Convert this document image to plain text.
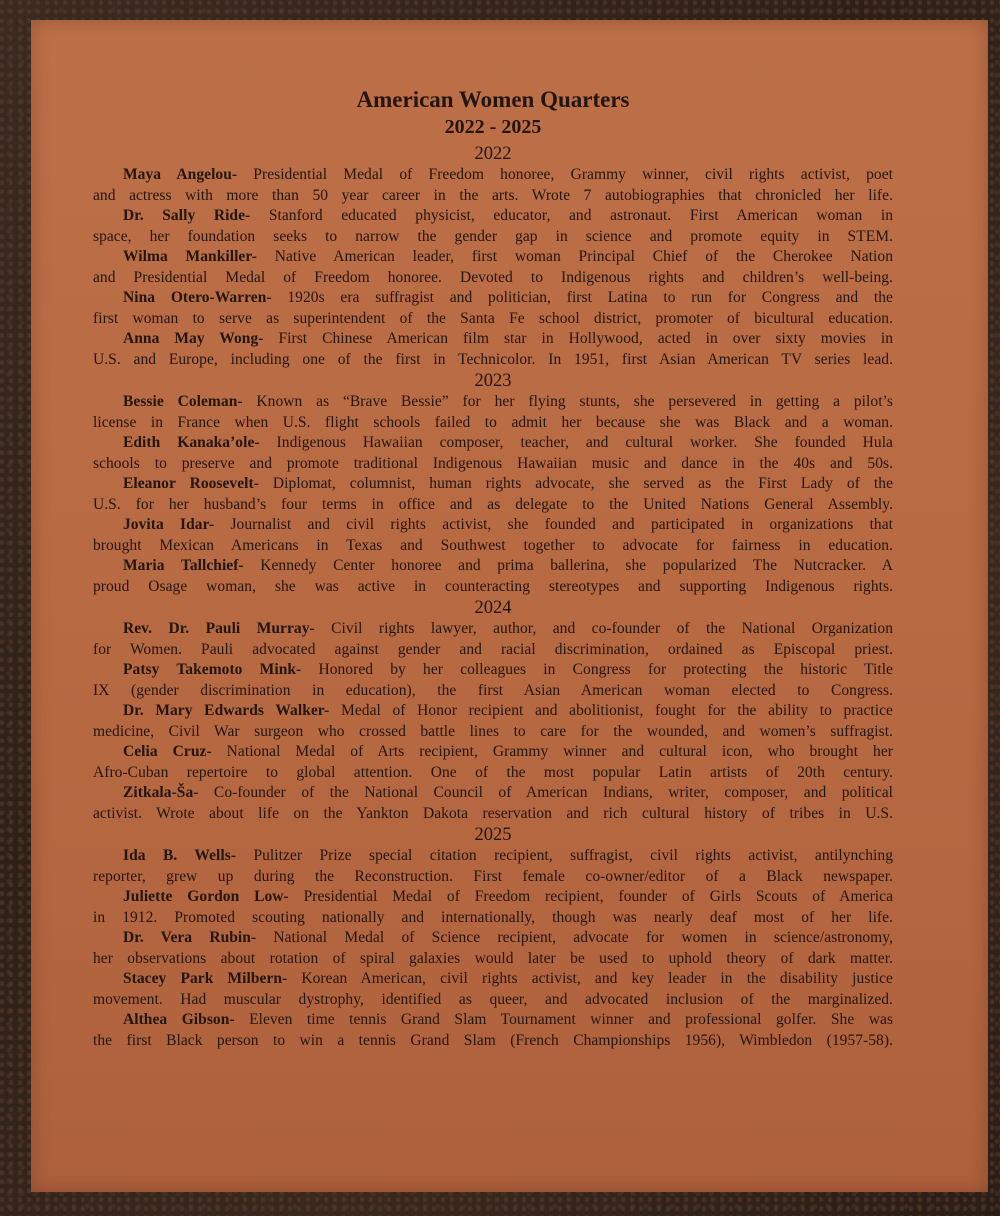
American Women Quarters
2022 - 2025
2022

Maya Angelou- Presidential Medal of Freedom honoree, Grammy winner, civil rights activist, poet

and actress with more than 50 year career in the arts. Wrote 7 autobiographies that chronicled her life.

Dr. Sally Ride- Stanford educated physicist, educator, and astronaut. First American woman in

space, her foundation seeks to narrow the gender gap in science and promote equity in STEM.

Wilma Mankiller- Native American leader, first woman Principal Chief of the Cherokee Nation

and Presidential Medal of Freedom honoree. Devoted to Indigenous rights and children’s well-being.

Nina Otero-Warren- 1920s era suffragist and politician, first Latina to run for Congress and the

first woman to serve as superintendent of the Santa Fe school district, promoter of bicultural education.

Anna May Wong- First Chinese American film star in Hollywood, acted in over sixty movies in

U.S. and Europe, including one of the first in Technicolor. In 1951, first Asian American TV series lead.

2023

Bessie Coleman- Known as “Brave Bessie” for her flying stunts, she persevered in getting a pilot’s

license in France when U.S. flight schools failed to admit her because she was Black and a woman.

Edith Kanaka’ole- Indigenous Hawaiian composer, teacher, and cultural worker. She founded Hula

schools to preserve and promote traditional Indigenous Hawaiian music and dance in the 40s and 50s.

Eleanor Roosevelt- Diplomat, columnist, human rights advocate, she served as the First Lady of the

U.S. for her husband’s four terms in office and as delegate to the United Nations General Assembly.

Jovita Idar- Journalist and civil rights activist, she founded and participated in organizations that

brought Mexican Americans in Texas and Southwest together to advocate for fairness in education.

Maria Tallchief- Kennedy Center honoree and prima ballerina, she popularized The Nutcracker. A

proud Osage woman, she was active in counteracting stereotypes and supporting Indigenous rights.

2024

Rev. Dr. Pauli Murray- Civil rights lawyer, author, and co-founder of the National Organization

for Women. Pauli advocated against gender and racial discrimination, ordained as Episcopal priest.

Patsy Takemoto Mink- Honored by her colleagues in Congress for protecting the historic Title

IX (gender discrimination in education), the first Asian American woman elected to Congress.

Dr. Mary Edwards Walker- Medal of Honor recipient and abolitionist, fought for the ability to practice

medicine, Civil War surgeon who crossed battle lines to care for the wounded, and women’s suffragist.

Celia Cruz- National Medal of Arts recipient, Grammy winner and cultural icon, who brought her

Afro-Cuban repertoire to global attention. One of the most popular Latin artists of 20th century.

Zitkala-Ša- Co-founder of the National Council of American Indians, writer, composer, and political

activist. Wrote about life on the Yankton Dakota reservation and rich cultural history of tribes in U.S.

2025

Ida B. Wells- Pulitzer Prize special citation recipient, suffragist, civil rights activist, antilynching

reporter, grew up during the Reconstruction. First female co-owner/editor of a Black newspaper.

Juliette Gordon Low- Presidential Medal of Freedom recipient, founder of Girls Scouts of America

in 1912. Promoted scouting nationally and internationally, though was nearly deaf most of her life.

Dr. Vera Rubin- National Medal of Science recipient, advocate for women in science/astronomy,

her observations about rotation of spiral galaxies would later be used to uphold theory of dark matter.

Stacey Park Milbern- Korean American, civil rights activist, and key leader in the disability justice

movement. Had muscular dystrophy, identified as queer, and advocated inclusion of the marginalized.

Althea Gibson- Eleven time tennis Grand Slam Tournament winner and professional golfer. She was

the first Black person to win a tennis Grand Slam (French Championships 1956), Wimbledon (1957-58).
